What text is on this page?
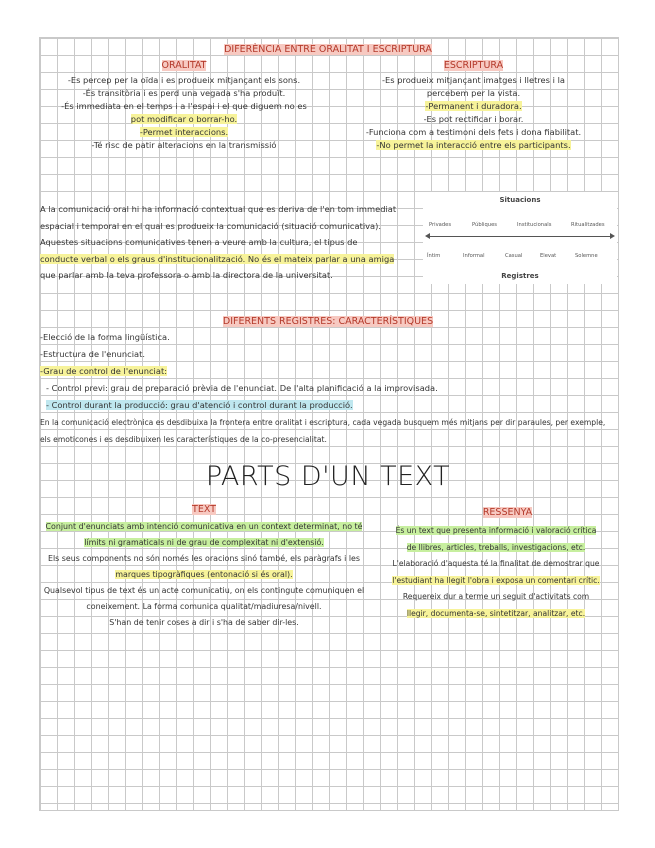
DIFERÈNCIA ENTRE ORALITAT I ESCRIPTURA
ORALITAT
-Es percep per la oïda i es produeix mitjançant els sons.
-És transitòria i es perd una vegada s'ha produït.
-És immediata en el temps i a l'espai i el que diguem no es
pot modificar o borrar-ho.
-Permet interaccions.
-Té risc de patir alteracions en la transmissió
ESCRIPTURA
-Es produeix mitjançant imatges i lletres i la
percebem per la vista.
-Permanent i duradora.
-Es pot rectificar i borar.
-Funciona com a testimoni dels fets i dona fiabilitat.
-No permet la interacció entre els participants.
A la comunicació oral hi ha informació contextual que es deriva de l'en tom immediat
espacial i temporal en el qual es produeix la comunicació (situació comunicativa).
Aquestes situacions comunicatives tenen a veure amb la cultura, el tipus de
conducte verbal o els graus d'institucionalització. No és el mateix parlar a una amiga
que parlar amb la teva professora o amb la directora de la universitat.
Situacions
Privades	Públiques	Institucionals	Ritualitzades
Íntim	Informal	Casual	Elevat	Solemne
Registres
DIFERENTS REGISTRES: CARACTERÍSTIQUES
-Elecció de la forma lingüística.
-Estructura de l'enunciat.
-Grau de control de l'enunciat:
- Control previ: grau de preparació prèvia de l'enunciat. De l'alta planificació a la improvisada.
- Control durant la producció: grau d'atenció i control durant la producció.
En la comunicació electrònica es desdibuixa la frontera entre oralitat i escriptura, cada vegada busquem més mitjans per dir paraules, per exemple,
els emoticones i es desdibuixen les característiques de la co-presencialitat.
PARTS D'UN TEXT
TEXT
Conjunt d'enunciats amb intenció comunicativa en un context determinat, no té
límits ni gramaticals ni de grau de complexitat ni d'extensió.
Els seus components no són només les oracions sinó també, els paràgrafs i les
marques tipogràfiques (entonació si és oral).
Qualsevol tipus de text és un acte comunicatiu, on els contingute comuniquen el
coneixement. La forma comunica qualitat/madiuresa/nivell.
S'han de tenir coses a dir i s'ha de saber dir-les.
RESSENYA
És un text que presenta informació i valoració crítica
de llibres, articles, treballs, investigacions, etc.
L'elaboració d'aquesta té la finalitat de demostrar que
l'estudiant ha llegit l'obra i exposa un comentari crític.
Requereix dur a terme un seguit d'activitats com
llegir, documenta-se, sintetitzar, analitzar, etc.
